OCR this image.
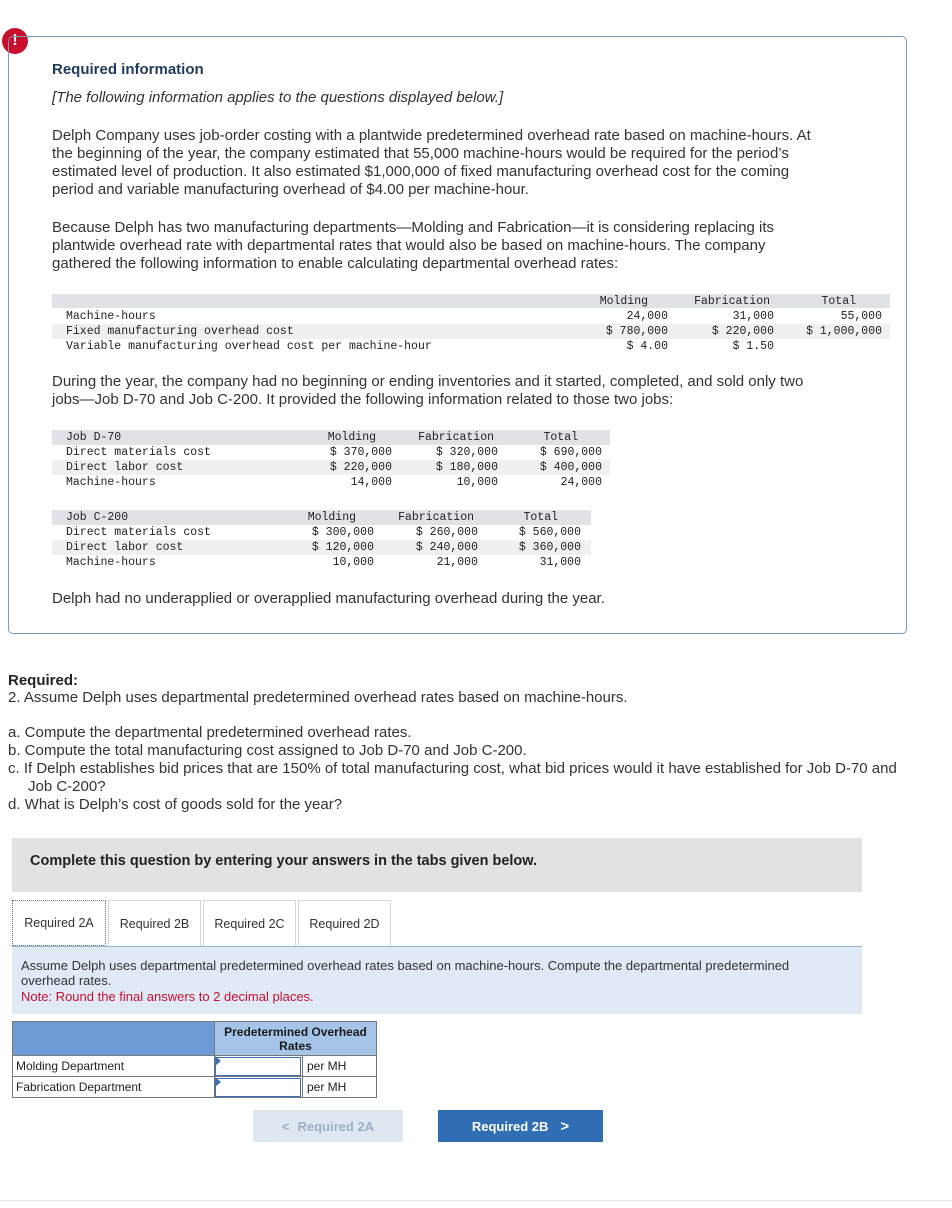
!
Required information
[The following information applies to the questions displayed below.]
Delph Company uses job-order costing with a plantwide predetermined overhead rate based on machine-hours. At
the beginning of the year, the company estimated that 55,000 machine-hours would be required for the period’s
estimated level of production. It also estimated $1,000,000 of fixed manufacturing overhead cost for the coming
period and variable manufacturing overhead of $4.00 per machine-hour.
Because Delph has two manufacturing departments—Molding and Fabrication—it is considering replacing its
plantwide overhead rate with departmental rates that would also be based on machine-hours. The company
gathered the following information to enable calculating departmental overhead rates:
Molding	Fabrication	Total
Machine-hours	24,000	31,000	55,000
Fixed manufacturing overhead cost	$ 780,000	$ 220,000	$ 1,000,000
Variable manufacturing overhead cost per machine-hour	$ 4.00	$ 1.50
During the year, the company had no beginning or ending inventories and it started, completed, and sold only two
jobs—Job D-70 and Job C-200. It provided the following information related to those two jobs:
Job D-70	Molding	Fabrication	Total
Direct materials cost	$ 370,000	$ 320,000	$ 690,000
Direct labor cost	$ 220,000	$ 180,000	$ 400,000
Machine-hours	14,000	10,000	24,000
Job C-200	Molding	Fabrication	Total
Direct materials cost	$ 300,000	$ 260,000	$ 560,000
Direct labor cost	$ 120,000	$ 240,000	$ 360,000
Machine-hours	10,000	21,000	31,000
Delph had no underapplied or overapplied manufacturing overhead during the year.
Required:
2. Assume Delph uses departmental predetermined overhead rates based on machine-hours.
a. Compute the departmental predetermined overhead rates.
b. Compute the total manufacturing cost assigned to Job D-70 and Job C-200.
c. If Delph establishes bid prices that are 150% of total manufacturing cost, what bid prices would it have established for Job D-70 and
Job C-200?
d. What is Delph’s cost of goods sold for the year?
Complete this question by entering your answers in the tabs given below.
Required 2A	Required 2B	Required 2C	Required 2D
Assume Delph uses departmental predetermined overhead rates based on machine-hours. Compute the departmental predetermined overhead rates.
Note: Round the final answers to 2 decimal places.
	Predetermined Overhead Rates	
Molding Department		per MH
Fabrication Department		per MH
< Required 2A	Required 2B >
